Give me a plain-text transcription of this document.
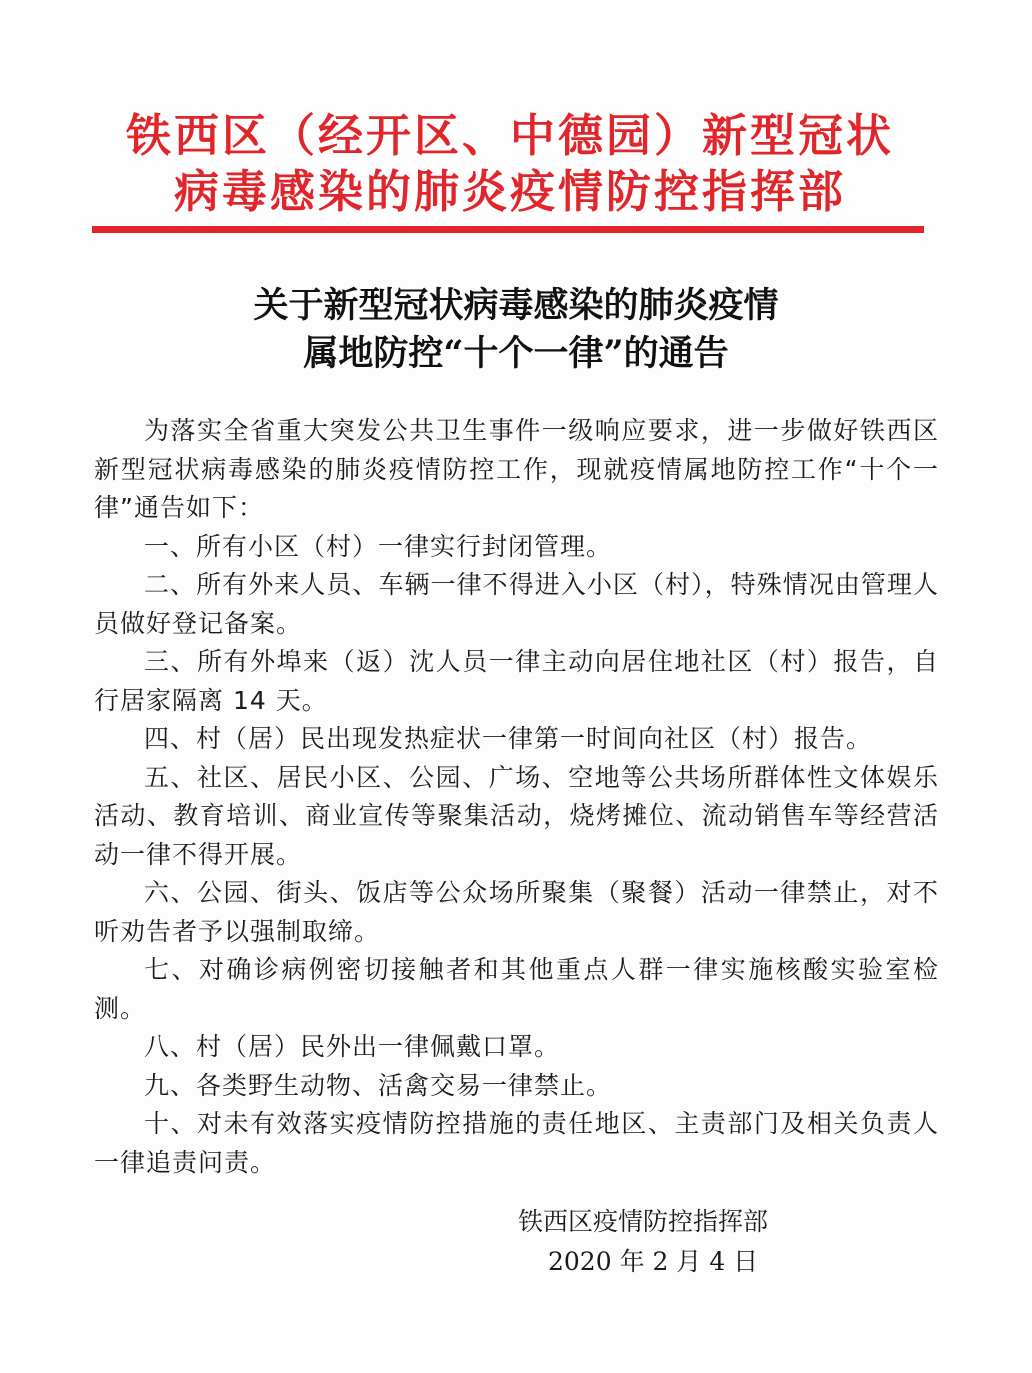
铁西区（经开区、中德园）新型冠状
病毒感染的肺炎疫情防控指挥部
关于新型冠状病毒感染的肺炎疫情
属地防控“十个一律”的通告

为落实全省重大突发公共卫生事件一级响应要求，进一步做好铁西区新型冠状病毒感染的肺炎疫情防控工作，现就疫情属地防控工作“十个一律”通告如下：

一、所有小区（村）一律实行封闭管理。

二、所有外来人员、车辆一律不得进入小区（村），特殊情况由管理人员做好登记备案。

三、所有外埠来（返）沈人员一律主动向居住地社区（村）报告，自行居家隔离 14 天。

四、村（居）民出现发热症状一律第一时间向社区（村）报告。

五、社区、居民小区、公园、广场、空地等公共场所群体性文体娱乐活动、教育培训、商业宣传等聚集活动，烧烤摊位、流动销售车等经营活动一律不得开展。

六、公园、街头、饭店等公众场所聚集（聚餐）活动一律禁止，对不听劝告者予以强制取缔。

七、对确诊病例密切接触者和其他重点人群一律实施核酸实验室检测。

八、村（居）民外出一律佩戴口罩。

九、各类野生动物、活禽交易一律禁止。

十、对未有效落实疫情防控措施的责任地区、主责部门及相关负责人一律追责问责。

铁西区疫情防控指挥部
2020 年 2 月 4 日
